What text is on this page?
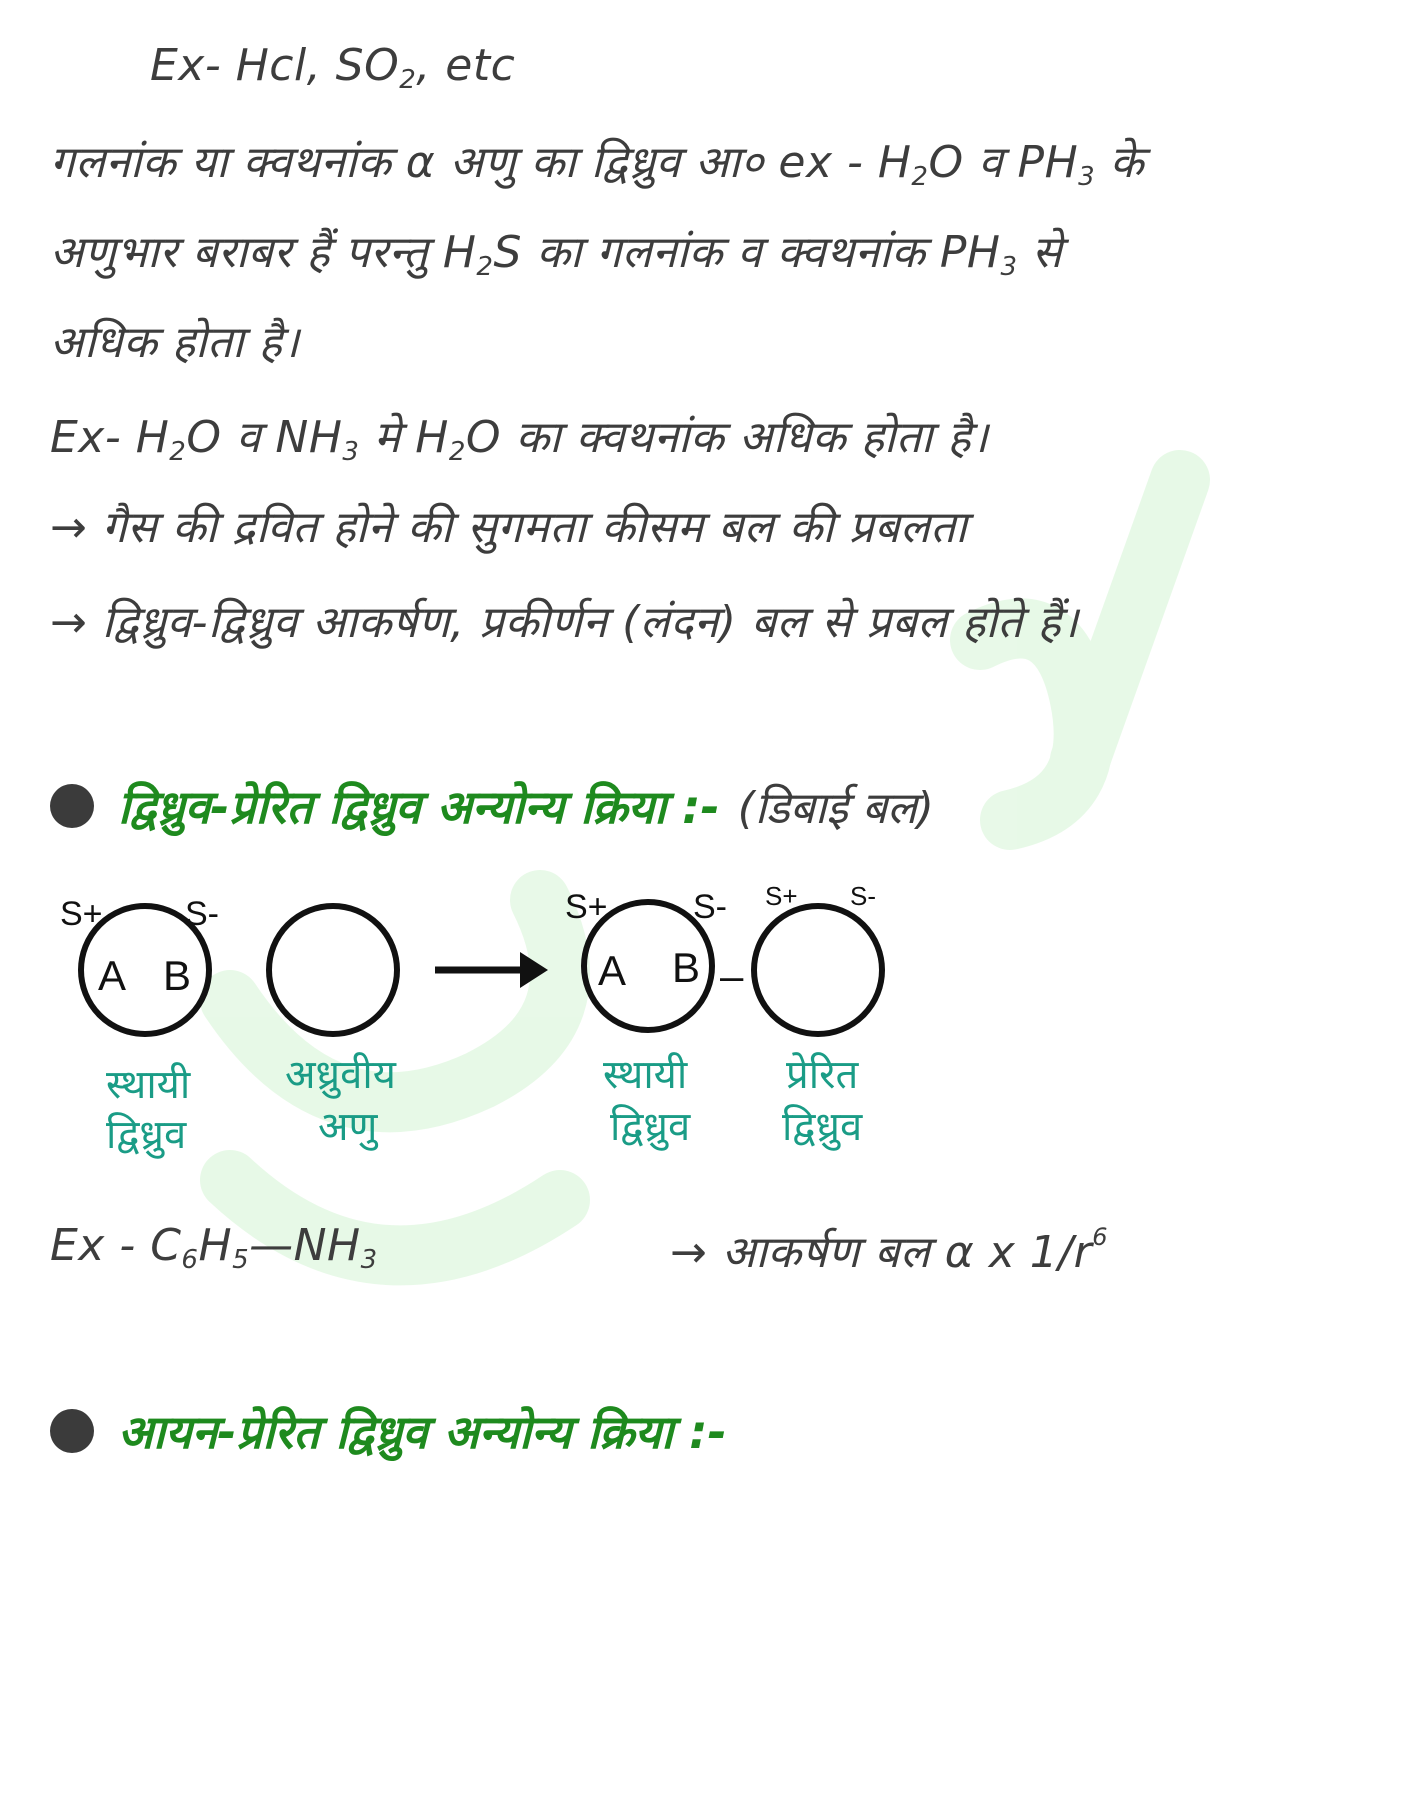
Ex- Hcl, $SO_2$, etc
गलनांक या क्वथनांक α अणु का द्विध्रुव आ० ex - $H_2O$ व $PH_3$ के
अणुभार बराबर हैं परन्तु $H_2S$ का गलनांक व क्वथनांक $PH_3$ से
अधिक होता है।
Ex- $H_2O$ व $NH_3$ मे $H_2O$ का क्वथनांक अधिक होता है।
→ गैस की द्रवित होने की सुगमता कीसम बल की प्रबलता
→ द्विध्रुव-द्विध्रुव आकर्षण, प्रकीर्णन (लंदन) बल से प्रबल होते हैं।
द्विध्रुव-प्रेरित द्विध्रुव अन्योन्य क्रिया :- (डिबाई बल)
S+ S-
A B
स्थायी
द्विध्रुव
अध्रुवीय
अणु
S+	S-
A B –
स्थायी
द्विध्रुव
S+ S-
प्रेरित
द्विध्रुव
Ex - $C_6H_5—NH_3$	→ आकर्षण बल α x $1/r^6$
आयन-प्रेरित द्विध्रुव अन्योन्य क्रिया :-
